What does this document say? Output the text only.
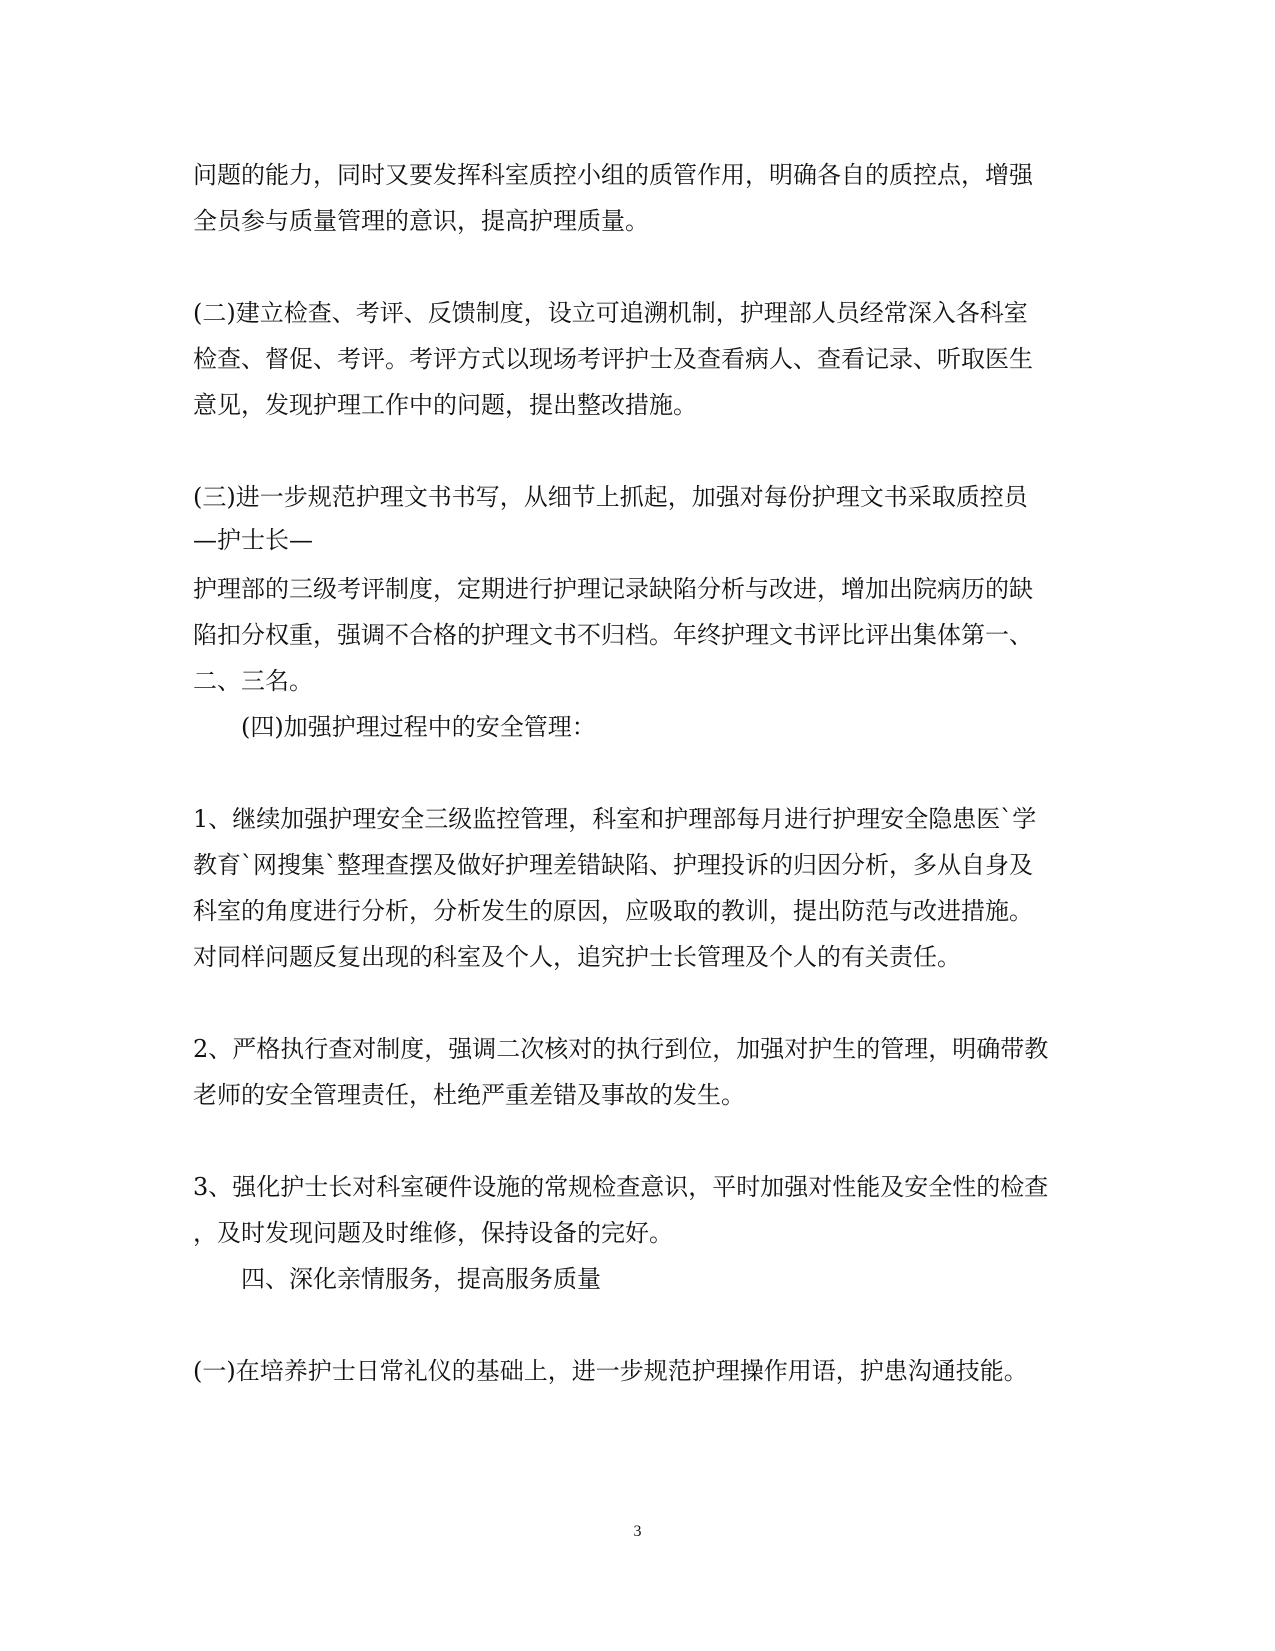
问题的能力，同时又要发挥科室质控小组的质管作用，明确各自的质控点，增强
全员参与质量管理的意识，提高护理质量。
(二)建立检查、考评、反馈制度，设立可追溯机制，护理部人员经常深入各科室
检查、督促、考评。考评方式以现场考评护士及查看病人、查看记录、听取医生
意见，发现护理工作中的问题，提出整改措施。
(三)进一步规范护理文书书写，从细节上抓起，加强对每份护理文书采取质控员
—护士长—
护理部的三级考评制度，定期进行护理记录缺陷分析与改进，增加出院病历的缺
陷扣分权重，强调不合格的护理文书不归档。年终护理文书评比评出集体第一、
二、三名。
(四)加强护理过程中的安全管理：
1、继续加强护理安全三级监控管理，科室和护理部每月进行护理安全隐患医`学
教育`网搜集`整理查摆及做好护理差错缺陷、护理投诉的归因分析，多从自身及
科室的角度进行分析，分析发生的原因，应吸取的教训，提出防范与改进措施。
对同样问题反复出现的科室及个人，追究护士长管理及个人的有关责任。
2、严格执行查对制度，强调二次核对的执行到位，加强对护生的管理，明确带教
老师的安全管理责任，杜绝严重差错及事故的发生。
3、强化护士长对科室硬件设施的常规检查意识，平时加强对性能及安全性的检查
，及时发现问题及时维修，保持设备的完好。
四、深化亲情服务，提高服务质量
(一)在培养护士日常礼仪的基础上，进一步规范护理操作用语，护患沟通技能。
3
